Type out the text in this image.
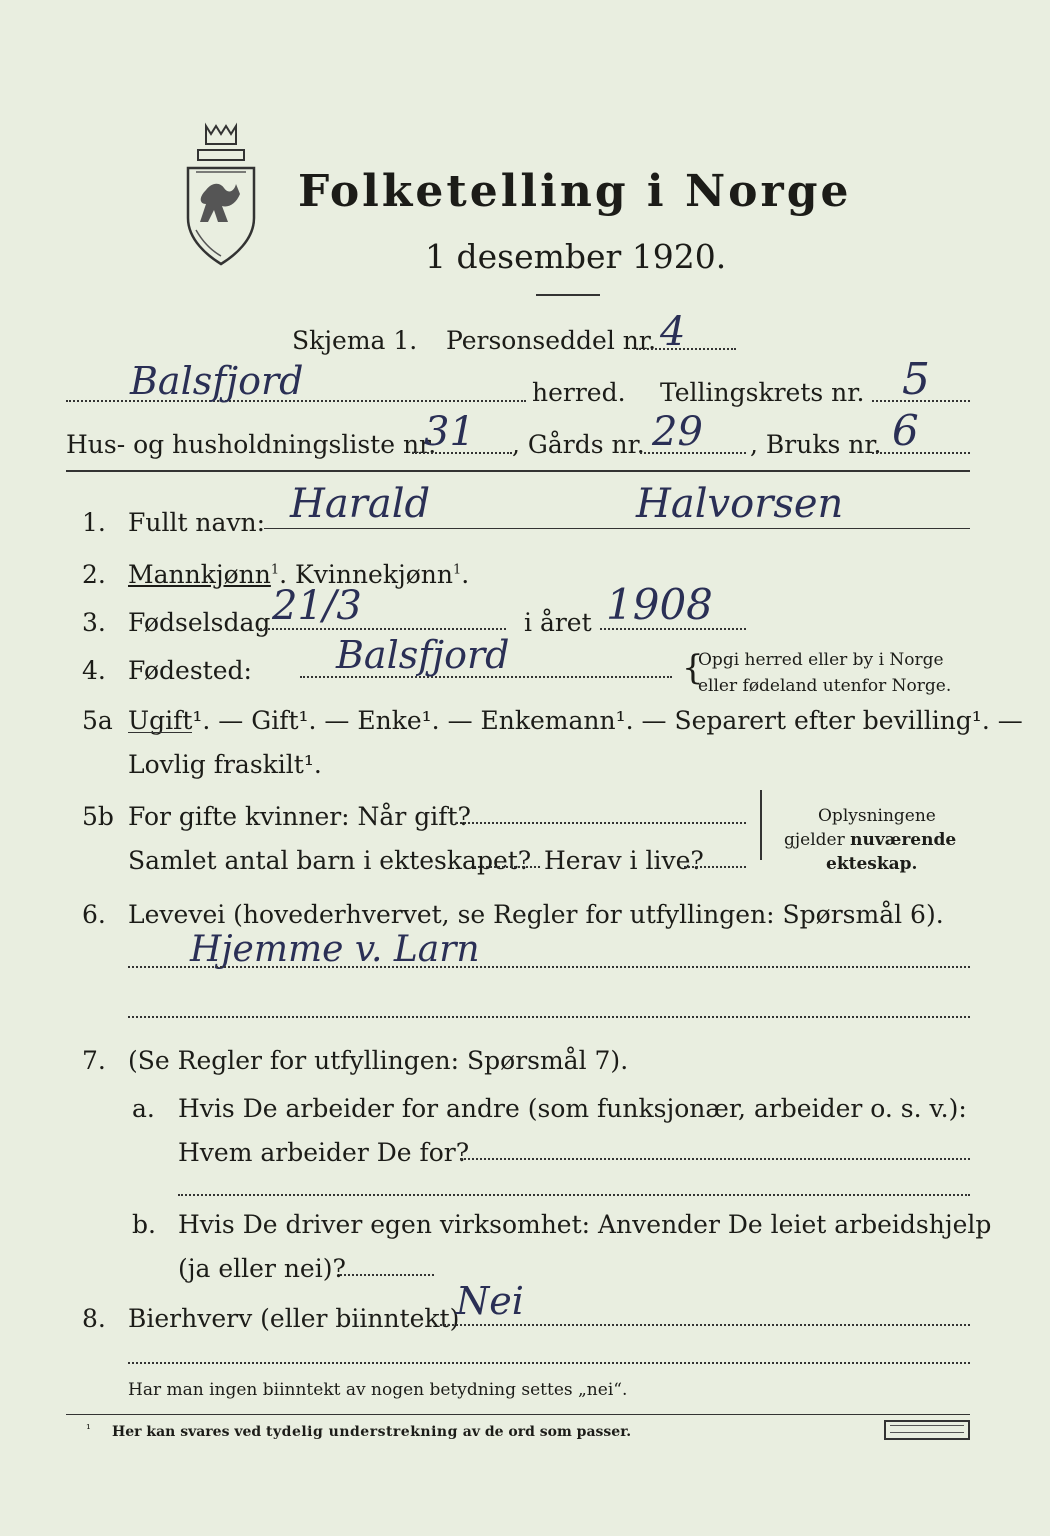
Folketelling i Norge
1 desember 1920.
Skjema 1. Personseddel nr. 4
Balsfjord	herred. Tellingskrets nr. 5
Hus- og husholdningsliste nr.
31 , Gårds nr. 29 , Bruks nr. 6
1. Fullt navn: Harald	Halvorsen
2. Mannkjønn$^1$. Kvinnekjønn$^1$.
3. Fødselsdag 21/3	i året 1908
4. Fødested: Balsfjord	{
Opgi herred eller by i Norge
eller fødeland utenfor Norge.
5a Ugift¹. — Gift¹. — Enke¹. — Enkemann¹. — Separert efter bevilling¹. —
Lovlig fraskilt¹.
5b For gifte kvinner: Når gift?
Samlet antal barn i ekteskapet? Herav i live?
Oplysningene
gjelder nuværende
ekteskap.
6. Levevei (hovederhvervet, se Regler for utfyllingen: Spørsmål 6).
Hjemme v. Larn
7. (Se Regler for utfyllingen: Spørsmål 7).
a. Hvis De arbeider for andre (som funksjonær, arbeider o. s. v.):
Hvem arbeider De for?
b. Hvis De driver egen virksomhet: Anvender De leiet arbeidshjelp
(ja eller nei)?
8. Bierhverv (eller biinntekt)
Nei
Har man ingen biinntekt av nogen betydning settes „nei“.
¹ Her kan svares ved tydelig understrekning av de ord som passer.
